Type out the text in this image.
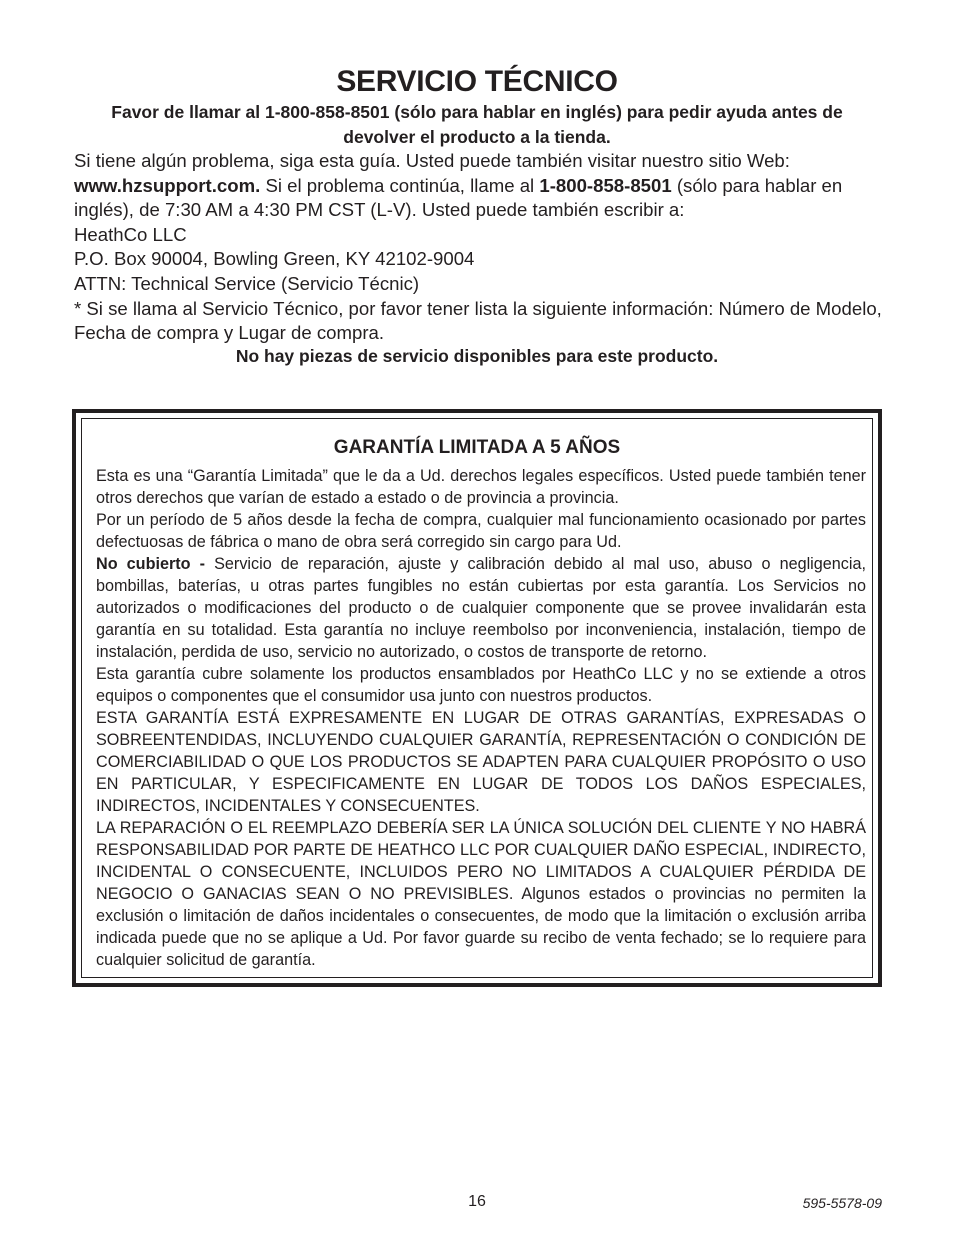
SERVICIO TÉCNICO
Favor de llamar al 1-800-858-8501 (sólo para hablar en inglés) para pedir ayuda antes de devolver el producto a la tienda.

Si tiene algún problema, siga esta guía. Usted puede también visitar nuestro sitio Web: www.hzsupport.com. Si el problema continúa, llame al 1-800-858-8501 (sólo para hablar en inglés), de 7:30 AM a 4:30 PM CST (L-V). Usted puede también escribir a:

HeathCo LLC

P.O. Box 90004, Bowling Green, KY 42102-9004

ATTN: Technical Service (Servicio Técnic)

* Si se llama al Servicio Técnico, por favor tener lista la siguiente información: Número de Modelo, Fecha de compra y Lugar de compra.

No hay piezas de servicio disponibles para este producto.
GARANTÍA LIMITADA A 5 AÑOS

Esta es una “Garantía Limitada” que le da a Ud. derechos legales específicos. Usted puede también tener otros derechos que varían de estado a estado o de provincia a provincia.

Por un período de 5 años desde la fecha de compra, cualquier mal funcionamiento ocasionado por partes defectuosas de fábrica o mano de obra será corregido sin cargo para Ud.

No cubierto - Servicio de reparación, ajuste y calibración debido al mal uso, abuso o negligencia, bombillas, baterías, u otras partes fungibles no están cubiertas por esta garantía. Los Servicios no autorizados o modificaciones del producto o de cualquier componente que se provee invalidarán esta garantía en su totalidad. Esta garantía no incluye reembolso por inconveniencia, instalación, tiempo de instalación, perdida de uso, servicio no autorizado, o costos de transporte de retorno.

Esta garantía cubre solamente los productos ensamblados por HeathCo LLC y no se extiende a otros equipos o componentes que el consumidor usa junto con nuestros productos.

ESTA GARANTÍA ESTÁ EXPRESAMENTE EN LUGAR DE OTRAS GARANTÍAS, EXPRESADAS O SOBREENTENDIDAS, INCLUYENDO CUALQUIER GARANTÍA, REPRESENTACIÓN O CONDICIÓN DE COMERCIABILIDAD O QUE LOS PRODUCTOS SE ADAPTEN PARA CUALQUIER PROPÓSITO O USO EN PARTICULAR, Y ESPECIFICAMENTE EN LUGAR DE TODOS LOS DAÑOS ESPECIALES, INDIRECTOS, INCIDENTALES Y CONSECUENTES.

LA REPARACIÓN O EL REEMPLAZO DEBERÍA SER LA ÚNICA SOLUCIÓN DEL CLIENTE Y NO HABRÁ RESPONSABILIDAD POR PARTE DE HEATHCO LLC POR CUALQUIER DAÑO ESPECIAL, INDIRECTO, INCIDENTAL O CONSECUENTE, INCLUIDOS PERO NO LIMITADOS A CUALQUIER PÉRDIDA DE NEGOCIO O GANACIAS SEAN O NO PREVISIBLES. Algunos estados o provincias no permiten la exclusión o limitación de daños incidentales o consecuentes, de modo que la limitación o exclusión arriba indicada puede que no se aplique a Ud. Por favor guarde su recibo de venta fechado; se lo requiere para cualquier solicitud de garantía.

16	595-5578-09
